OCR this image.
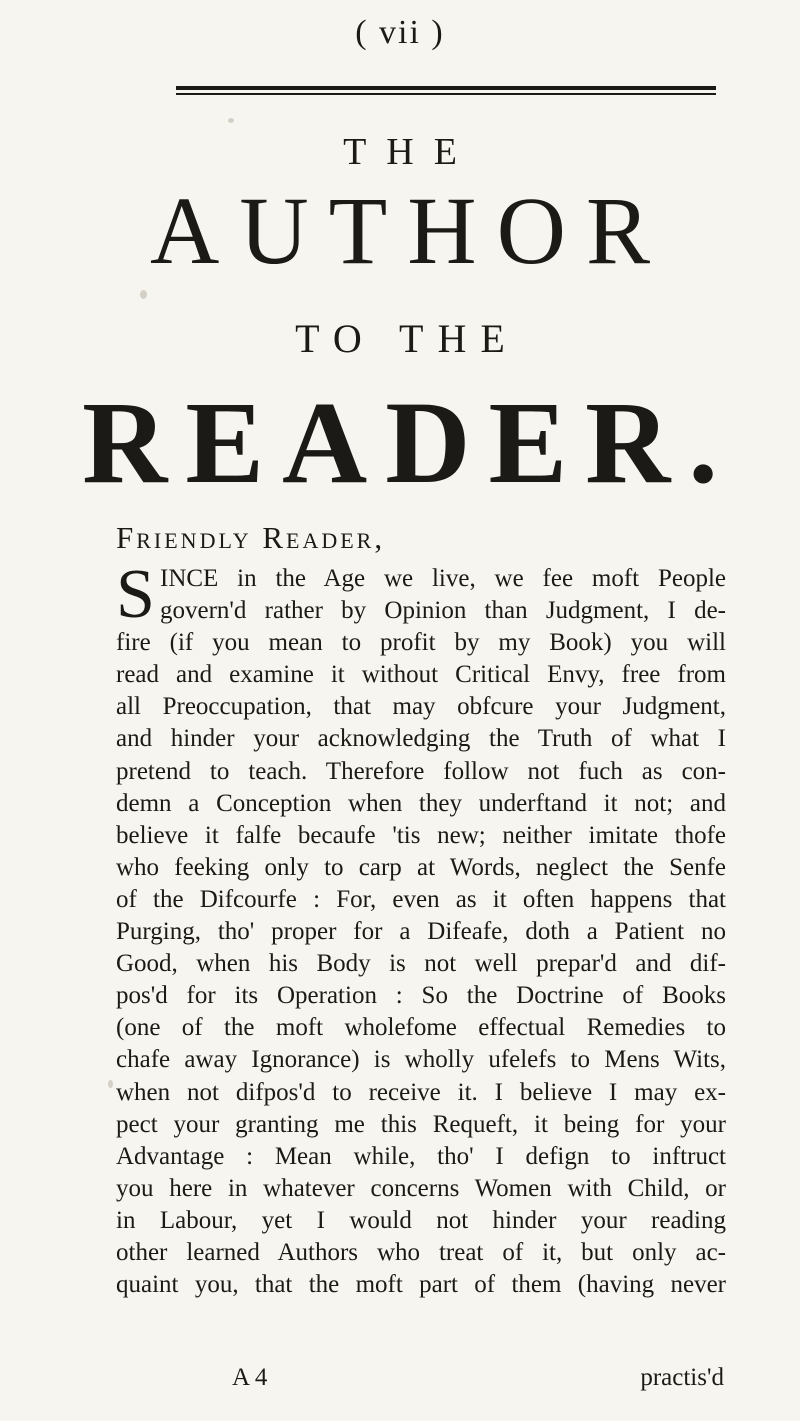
( vii )
THE
AUTHOR
TO THE
READER.
Friendly Reader,
S INCE in the Age we live, we fee moft People
govern'd rather by Opinion than Judgment, I de-
fire (if you mean to profit by my Book) you will
read and examine it without Critical Envy, free from
all Preoccupation, that may obfcure your Judgment,
and hinder your acknowledging the Truth of what I
pretend to teach. Therefore follow not fuch as con-
demn a Conception when they underftand it not; and
believe it falfe becaufe 'tis new; neither imitate thofe
who feeking only to carp at Words, neglect the Senfe
of the Difcourfe : For, even as it often happens that
Purging, tho' proper for a Difeafe, doth a Patient no
Good, when his Body is not well prepar'd and dif-
pos'd for its Operation : So the Doctrine of Books
(one of the moft wholefome effectual Remedies to
chafe away Ignorance) is wholly ufelefs to Mens Wits,
when not difpos'd to receive it. I believe I may ex-
pect your granting me this Requeft, it being for your
Advantage : Mean while, tho' I defign to inftruct
you here in whatever concerns Women with Child, or
in Labour, yet I would not hinder your reading
other learned Authors who treat of it, but only ac-
quaint you, that the moft part of them (having never
A 4	practis'd
